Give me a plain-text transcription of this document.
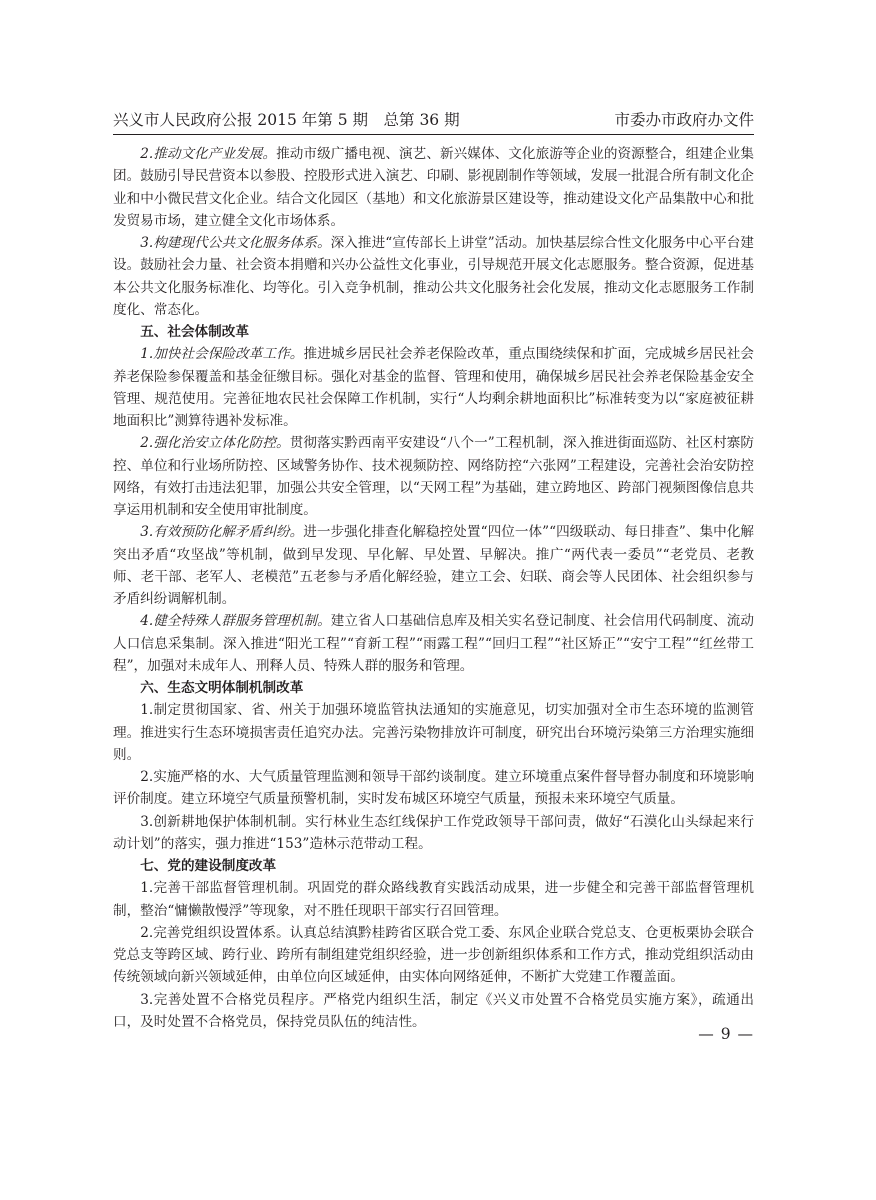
兴义市人民政府公报 2015 年第 5 期　总第 36 期	市委办市政府办文件

2.推动文化产业发展。推动市级广播电视、演艺、新兴媒体、文化旅游等企业的资源整合，组建企业集团。鼓励引导民营资本以参股、控股形式进入演艺、印刷、影视剧制作等领域，发展一批混合所有制文化企业和中小微民营文化企业。结合文化园区（基地）和文化旅游景区建设等，推动建设文化产品集散中心和批发贸易市场，建立健全文化市场体系。

3.构建现代公共文化服务体系。深入推进“宣传部长上讲堂”活动。加快基层综合性文化服务中心平台建设。鼓励社会力量、社会资本捐赠和兴办公益性文化事业，引导规范开展文化志愿服务。整合资源，促进基本公共文化服务标准化、均等化。引入竞争机制，推动公共文化服务社会化发展，推动文化志愿服务工作制度化、常态化。

五、社会体制改革

1.加快社会保险改革工作。推进城乡居民社会养老保险改革，重点围绕续保和扩面，完成城乡居民社会养老保险参保覆盖和基金征缴目标。强化对基金的监督、管理和使用，确保城乡居民社会养老保险基金安全管理、规范使用。完善征地农民社会保障工作机制，实行“人均剩余耕地面积比”标准转变为以“家庭被征耕地面积比”测算待遇补发标准。

2.强化治安立体化防控。贯彻落实黔西南平安建设“八个一”工程机制，深入推进街面巡防、社区村寨防控、单位和行业场所防控、区域警务协作、技术视频防控、网络防控“六张网”工程建设，完善社会治安防控网络，有效打击违法犯罪，加强公共安全管理，以“天网工程”为基础，建立跨地区、跨部门视频图像信息共享运用机制和安全使用审批制度。

3.有效预防化解矛盾纠纷。进一步强化排查化解稳控处置“四位一体”“四级联动、每日排查”、集中化解突出矛盾“攻坚战”等机制，做到早发现、早化解、早处置、早解决。推广“两代表一委员”“老党员、老教师、老干部、老军人、老模范”五老参与矛盾化解经验，建立工会、妇联、商会等人民团体、社会组织参与矛盾纠纷调解机制。

4.健全特殊人群服务管理机制。建立省人口基础信息库及相关实名登记制度、社会信用代码制度、流动人口信息采集制。深入推进“阳光工程”“育新工程”“雨露工程”“回归工程”“社区矫正”“安宁工程”“红丝带工程”，加强对未成年人、刑释人员、特殊人群的服务和管理。

六、生态文明体制机制改革

1.制定贯彻国家、省、州关于加强环境监管执法通知的实施意见，切实加强对全市生态环境的监测管理。推进实行生态环境损害责任追究办法。完善污染物排放许可制度，研究出台环境污染第三方治理实施细则。

2.实施严格的水、大气质量管理监测和领导干部约谈制度。建立环境重点案件督导督办制度和环境影响评价制度。建立环境空气质量预警机制，实时发布城区环境空气质量，预报未来环境空气质量。

3.创新耕地保护体制机制。实行林业生态红线保护工作党政领导干部问责，做好“石漠化山头绿起来行动计划”的落实，强力推进“153”造林示范带动工程。

七、党的建设制度改革

1.完善干部监督管理机制。巩固党的群众路线教育实践活动成果，进一步健全和完善干部监督管理机制，整治“慵懒散慢浮”等现象，对不胜任现职干部实行召回管理。

2.完善党组织设置体系。认真总结滇黔桂跨省区联合党工委、东风企业联合党总支、仓更板栗协会联合党总支等跨区域、跨行业、跨所有制组建党组织经验，进一步创新组织体系和工作方式，推动党组织活动由传统领域向新兴领域延伸，由单位向区域延伸，由实体向网络延伸，不断扩大党建工作覆盖面。

3.完善处置不合格党员程序。严格党内组织生活，制定《兴义市处置不合格党员实施方案》，疏通出口，及时处置不合格党员，保持党员队伍的纯洁性。

— 9 —
